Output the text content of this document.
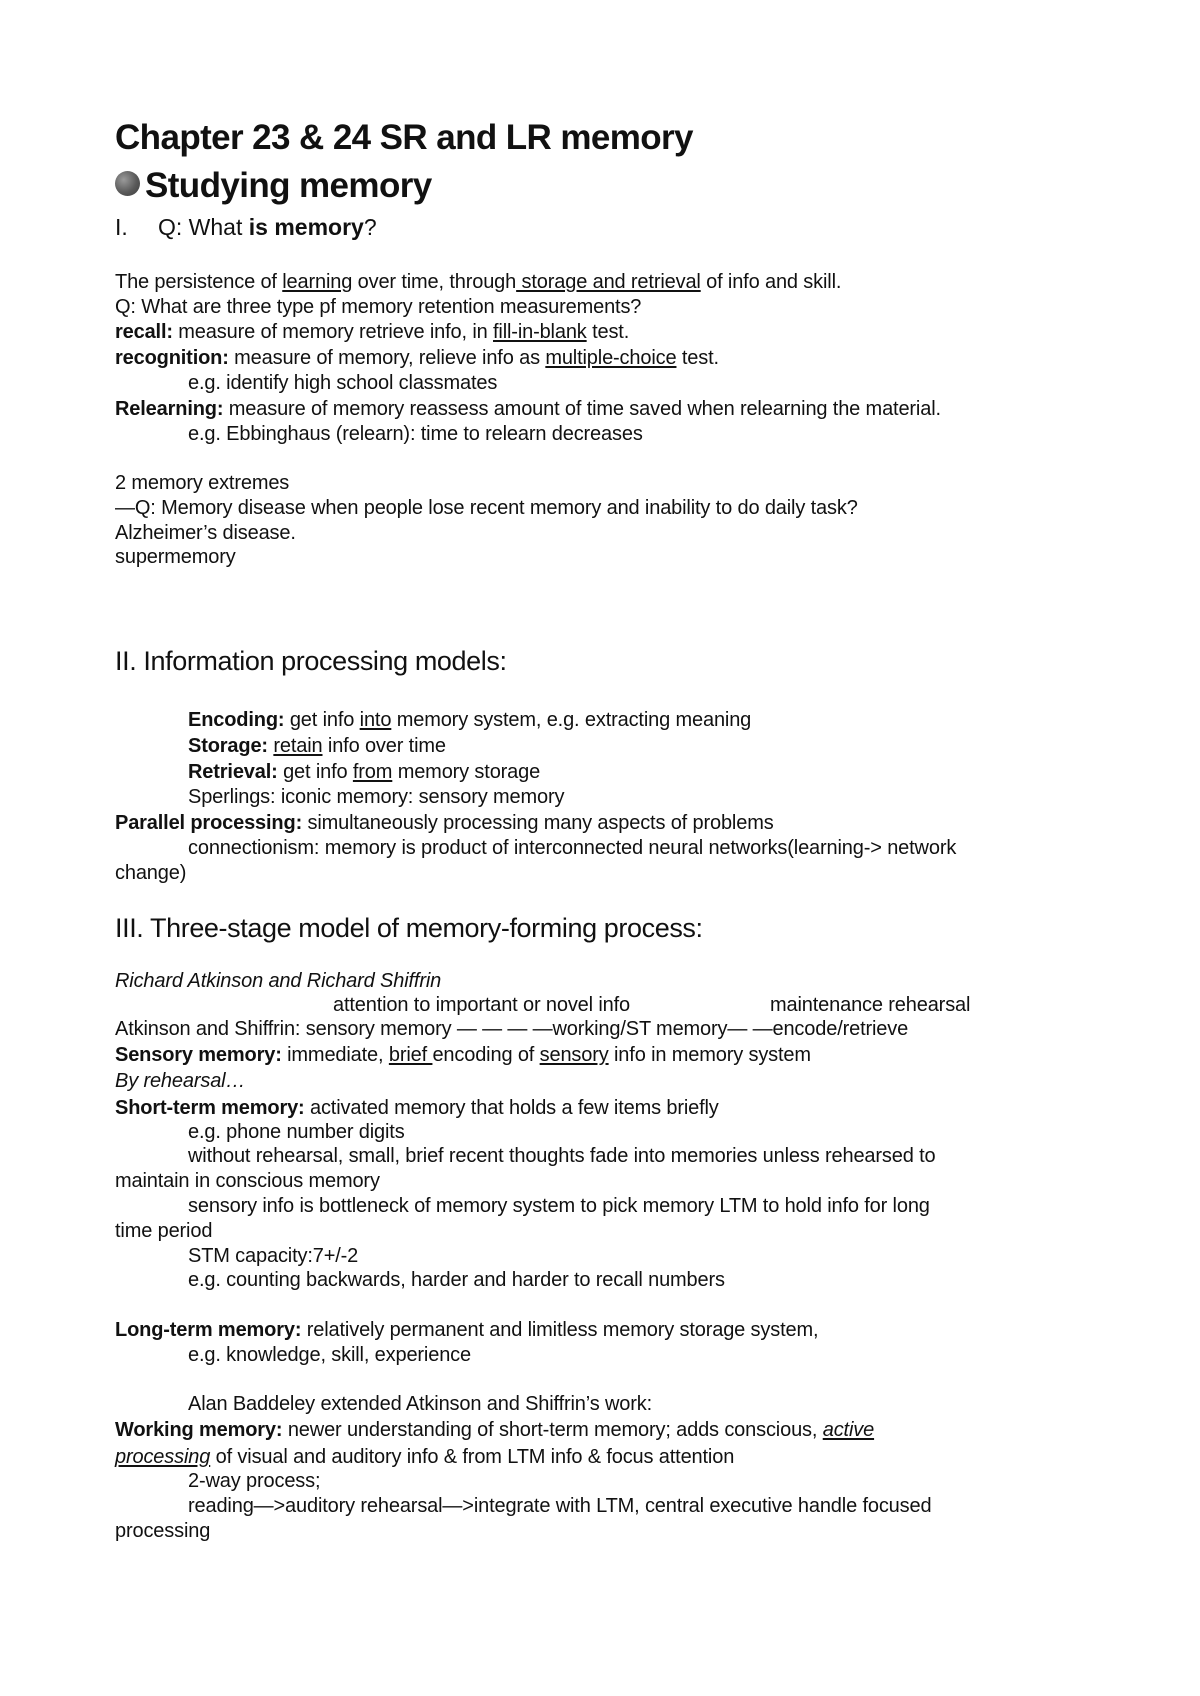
Chapter 23 & 24 SR and LR memory
Studying memory
I. Q: What is memory?
The persistence of learning over time, through storage and retrieval of info and skill.
Q: What are three type pf memory retention measurements?
recall: measure of memory retrieve info, in fill-in-blank test.
recognition: measure of memory, relieve info as multiple-choice test.
e.g. identify high school classmates
Relearning: measure of memory reassess amount of time saved when relearning the material.
e.g. Ebbinghaus (relearn): time to relearn decreases
2 memory extremes
—Q: Memory disease when people lose recent memory and inability to do daily task?
Alzheimer’s disease.
supermemory
II. Information processing models:
Encoding: get info into memory system, e.g. extracting meaning
Storage: retain info over time
Retrieval: get info from memory storage
Sperlings: iconic memory: sensory memory
Parallel processing: simultaneously processing many aspects of problems
connectionism: memory is product of interconnected neural networks(learning-> network
change)
III. Three-stage model of memory-forming process:
Richard Atkinson and Richard Shiffrin
attention to important or novel info	maintenance rehearsal
Atkinson and Shiffrin: sensory memory — — — —working/ST memory— —encode/retrieve
Sensory memory: immediate, brief encoding of sensory info in memory system
By rehearsal…
Short-term memory: activated memory that holds a few items briefly
e.g. phone number digits
without rehearsal, small, brief recent thoughts fade into memories unless rehearsed to
maintain in conscious memory
sensory info is bottleneck of memory system to pick memory LTM to hold info for long
time period
STM capacity:7+/-2
e.g. counting backwards, harder and harder to recall numbers
Long-term memory: relatively permanent and limitless memory storage system,
e.g. knowledge, skill, experience
Alan Baddeley extended Atkinson and Shiffrin’s work:
Working memory: newer understanding of short-term memory; adds conscious, active
processing of visual and auditory info & from LTM info & focus attention
2-way process;
reading—>auditory rehearsal—>integrate with LTM, central executive handle focused
processing
